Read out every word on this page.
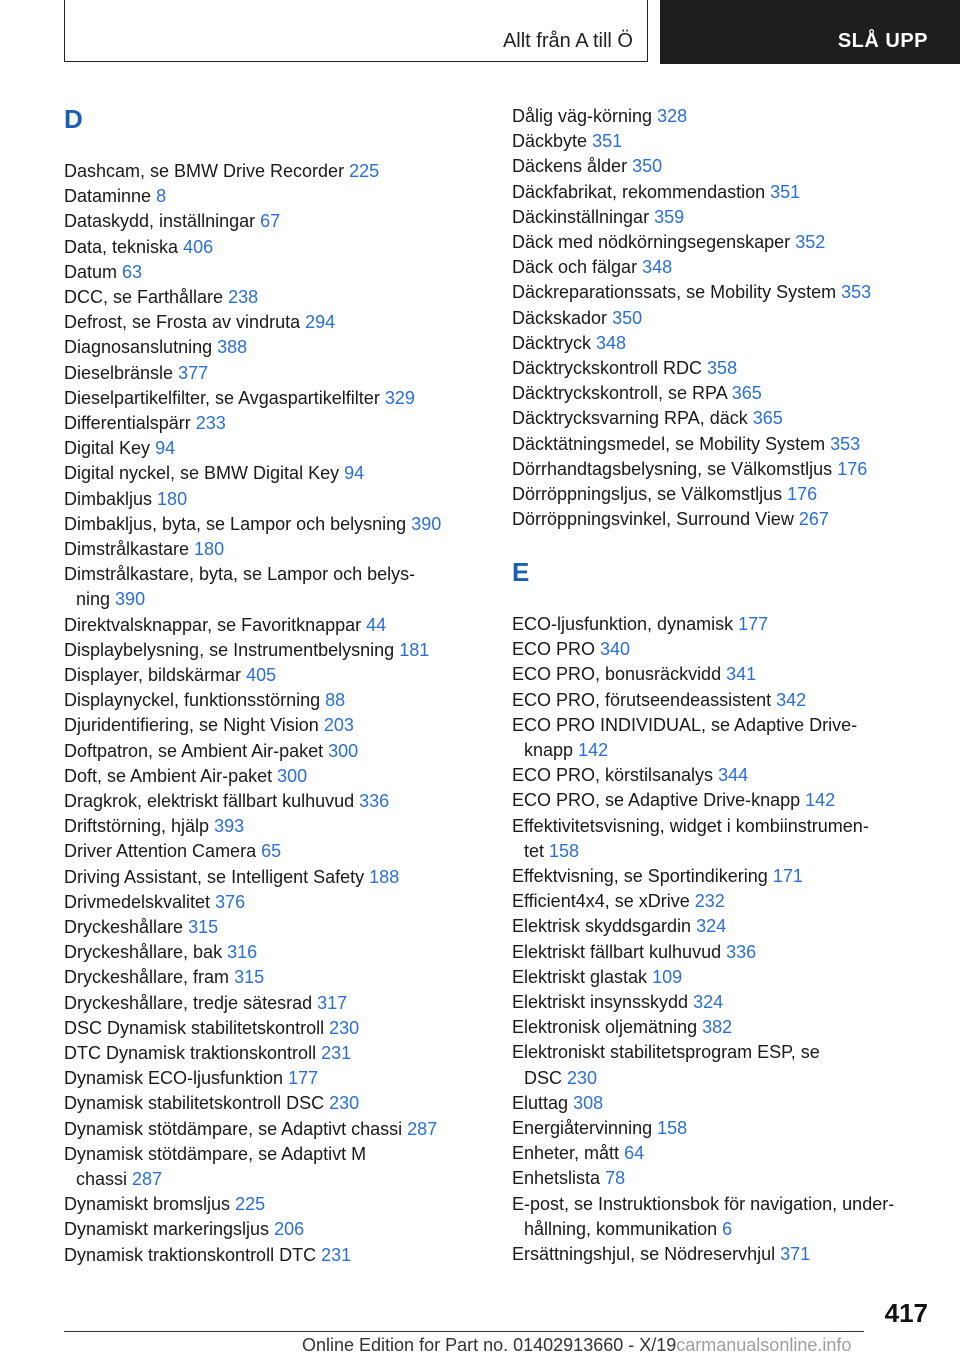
Allt från A till Ö	SLÅ UPP
D
Dashcam, se BMW Drive Recorder 225
Dataminne 8
Dataskydd, inställningar 67
Data, tekniska 406
Datum 63
DCC, se Farthållare 238
Defrost, se Frosta av vindruta 294
Diagnosanslutning 388
Dieselbränsle 377
Dieselpartikelfilter, se Avgaspartikelfilter 329
Differentialspärr 233
Digital Key 94
Digital nyckel, se BMW Digital Key 94
Dimbakljus 180
Dimbakljus, byta, se Lampor och belysning 390
Dimstrålkastare 180
Dimstrålkastare, byta, se Lampor och belys-
ning 390
Direktvalsknappar, se Favoritknappar 44
Displaybelysning, se Instrumentbelysning 181
Displayer, bildskärmar 405
Displaynyckel, funktionsstörning 88
Djuridentifiering, se Night Vision 203
Doftpatron, se Ambient Air-paket 300
Doft, se Ambient Air-paket 300
Dragkrok, elektriskt fällbart kulhuvud 336
Driftstörning, hjälp 393
Driver Attention Camera 65
Driving Assistant, se Intelligent Safety 188
Drivmedelskvalitet 376
Dryckeshållare 315
Dryckeshållare, bak 316
Dryckeshållare, fram 315
Dryckeshållare, tredje sätesrad 317
DSC Dynamisk stabilitetskontroll 230
DTC Dynamisk traktionskontroll 231
Dynamisk ECO-ljusfunktion 177
Dynamisk stabilitetskontroll DSC 230
Dynamisk stötdämpare, se Adaptivt chassi 287
Dynamisk stötdämpare, se Adaptivt M
chassi 287
Dynamiskt bromsljus 225
Dynamiskt markeringsljus 206
Dynamisk traktionskontroll DTC 231
Dålig väg-körning 328
Däckbyte 351
Däckens ålder 350
Däckfabrikat, rekommendastion 351
Däckinställningar 359
Däck med nödkörningsegenskaper 352
Däck och fälgar 348
Däckreparationssats, se Mobility System 353
Däckskador 350
Däcktryck 348
Däcktryckskontroll RDC 358
Däcktryckskontroll, se RPA 365
Däcktrycksvarning RPA, däck 365
Däcktätningsmedel, se Mobility System 353
Dörrhandtagsbelysning, se Välkomstljus 176
Dörröppningsljus, se Välkomstljus 176
Dörröppningsvinkel, Surround View 267
E
ECO-ljusfunktion, dynamisk 177
ECO PRO 340
ECO PRO, bonusräckvidd 341
ECO PRO, förutseendeassistent 342
ECO PRO INDIVIDUAL, se Adaptive Drive-
knapp 142
ECO PRO, körstilsanalys 344
ECO PRO, se Adaptive Drive-knapp 142
Effektivitetsvisning, widget i kombiinstrumen-
tet 158
Effektvisning, se Sportindikering 171
Efficient4x4, se xDrive 232
Elektrisk skyddsgardin 324
Elektriskt fällbart kulhuvud 336
Elektriskt glastak 109
Elektriskt insynsskydd 324
Elektronisk oljemätning 382
Elektroniskt stabilitetsprogram ESP, se
DSC 230
Eluttag 308
Energiåtervinning 158
Enheter, mått 64
Enhetslista 78
E-post, se Instruktionsbok för navigation, under-
hållning, kommunikation 6
Ersättningshjul, se Nödreservhjul 371
417
Online Edition for Part no. 01402913660 - X/19carmanualsonline.info
